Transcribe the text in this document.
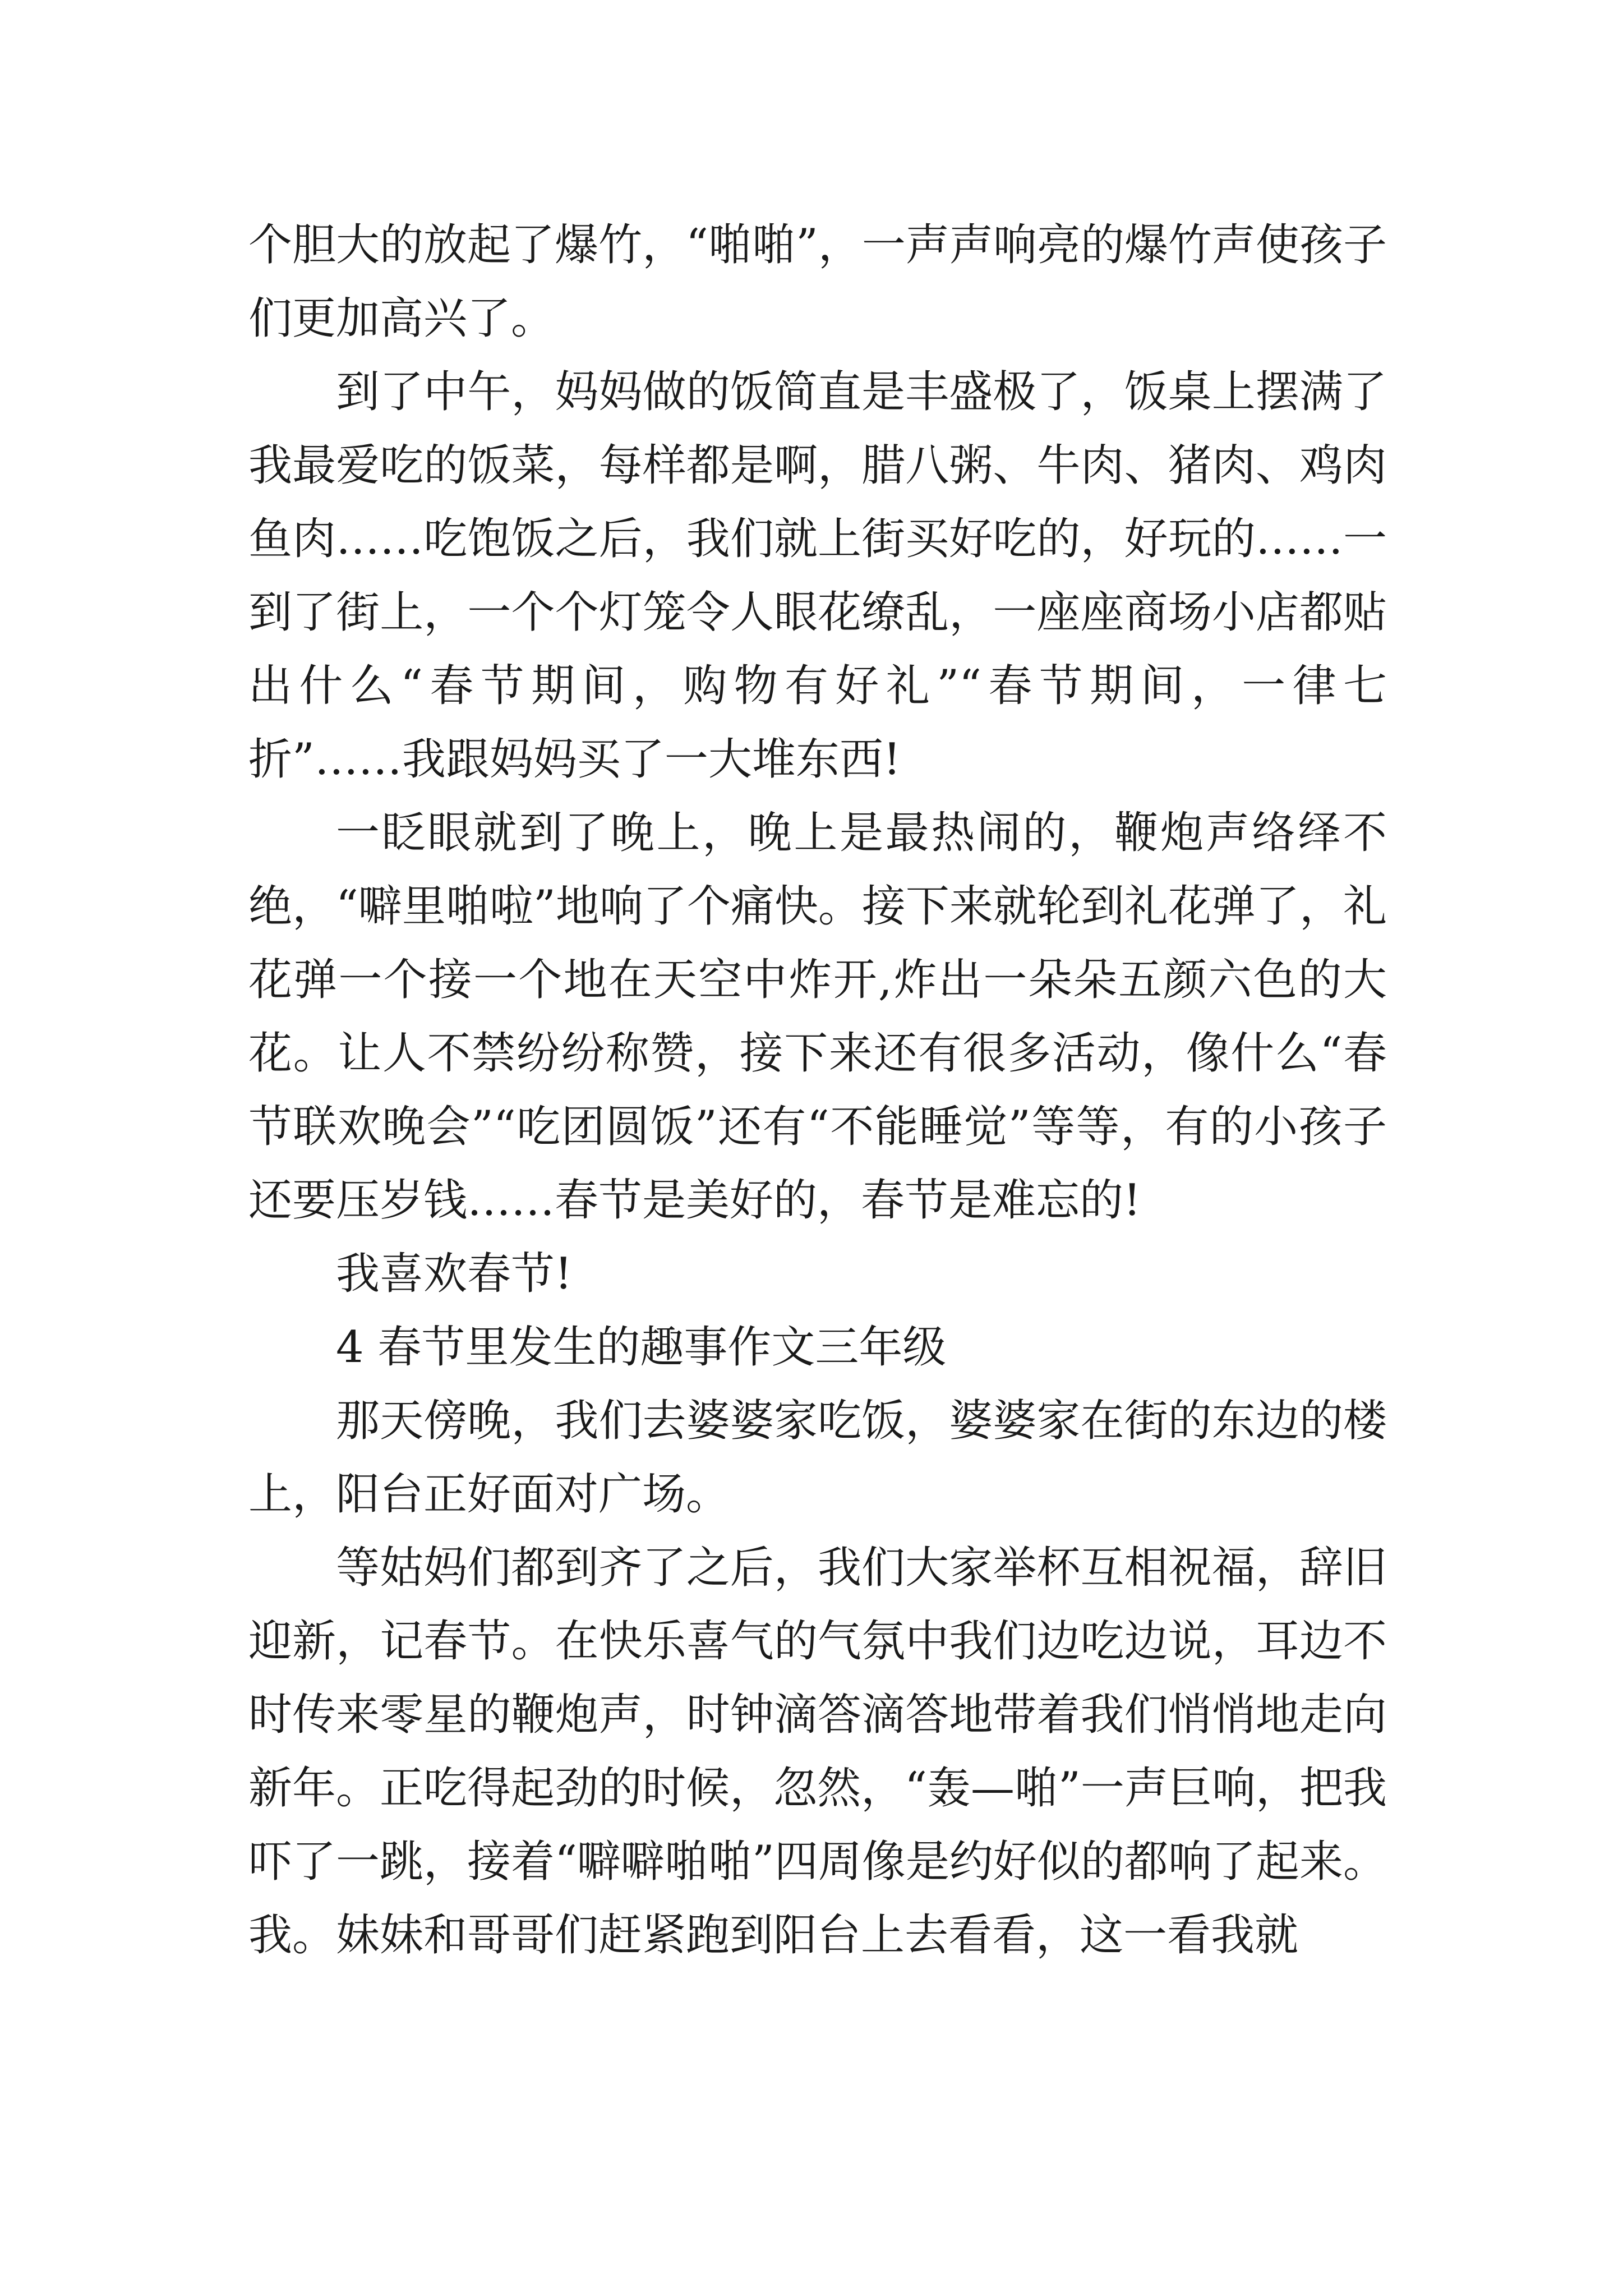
个胆大的放起了爆竹，“啪啪”，一声声响亮的爆竹声使孩子们更加高兴了。

到了中午，妈妈做的饭简直是丰盛极了，饭桌上摆满了我最爱吃的饭菜，每样都是啊，腊八粥、牛肉、猪肉、鸡肉鱼肉……吃饱饭之后，我们就上街买好吃的，好玩的……一到了街上，一个个灯笼令人眼花缭乱，一座座商场小店都贴出什么“春节期间，购物有好礼”“春节期间，一律七折”……我跟妈妈买了一大堆东西!

一眨眼就到了晚上，晚上是最热闹的，鞭炮声络绎不绝，“噼里啪啦”地响了个痛快。接下来就轮到礼花弹了，礼花弹一个接一个地在天空中炸开,炸出一朵朵五颜六色的大花。让人不禁纷纷称赞，接下来还有很多活动，像什么“春节联欢晚会”“吃团圆饭”还有“不能睡觉”等等，有的小孩子还要压岁钱……春节是美好的，春节是难忘的!

我喜欢春节!

4 春节里发生的趣事作文三年级

那天傍晚，我们去婆婆家吃饭，婆婆家在街的东边的楼上，阳台正好面对广场。

等姑妈们都到齐了之后，我们大家举杯互相祝福，辞旧迎新，记春节。在快乐喜气的气氛中我们边吃边说，耳边不时传来零星的鞭炮声，时钟滴答滴答地带着我们悄悄地走向新年。正吃得起劲的时候，忽然，“轰—啪”一声巨响，把我吓了一跳，接着“噼噼啪啪”四周像是约好似的都响了起来。我。妹妹和哥哥们赶紧跑到阳台上去看看，这一看我就
